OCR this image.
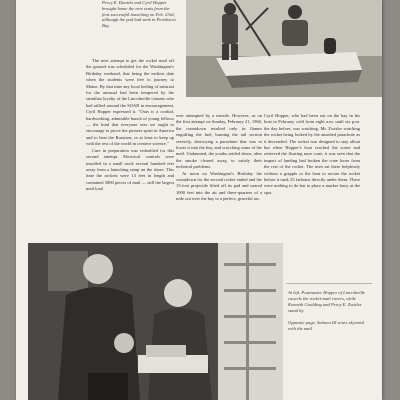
Percy E. Daniels and Cyril Hopper brought home the new seats from the first successful launching on Feb. 23rd, although the pad had sank in Penobscot Bay.

The next attempt to get the rocket mail off the ground was scheduled for the Washington's Birthday weekend, that being the earliest date when the students were free to journey to Maine. By that time any local feeling of mistrust for the unusual had been tempered by the steadfast loyalty of the Lincolnville citizens who had rallied around the SOAR in encouragement. Cyril Hopper expressed it. "Ours is a cordial, hardworking, admirable bunch of young fellows — the kind that everyone sees we ought to encourage to prove the pioneer spirit in America and to beat the Russians, or at least to keep up with the rest of the world in creative science."

Care in preparation was redoubled for this second attempt. Electrical controls were installed in a small truck several hundred feet away from a launching ramp on the shore. This time the rockets were 13 feet in length and contained 3000 pieces of mail — still the largest mail load

ever attempted by a missile. However, as on the first attempt on Sunday, February 21, 1960, the countdown resulted only in flames engulfing the fuel, burning the tail section severely, destroying a parachute that was to lower it into the bay, and scorching some of the mail. Undaunted, the youths settled down, after the smoke cleared away, to satisfy their technical problems.

At noon on Washington's Birthday the countdown for the second rocket ended and the 13-foot projectile lifted off its pad and soared 1000 feet into the air and three-quarters of a mile out over the bay to a perfect, graceful arc.

Cyril Hopper, who had been out on the bay in his boat in February cold from eight a.m. until six p.m. the day before, was watching. Mr. Zwisler watching the rocket being looked by the attached parachute as it descended. The rocket was designed to stay afloat but when Hopper's boat reached the scene and retrieved the floating nose cone, it was seen that the impact of landing had broken the cone loose from the rest of the rocket. The men sat there helplessly without a grapple or the boat to secure the rocket before it sank 25 fathoms directly under them. There were nothing to do but to place a marker buoy at the spot.

At left, Postmaster Hopper of Lincolnville cancels the rocket-mail covers, while Kenneth Goulding and Percy E. Zwisler stand by.

Opposite page, Salmon III soars skyward with the mail
